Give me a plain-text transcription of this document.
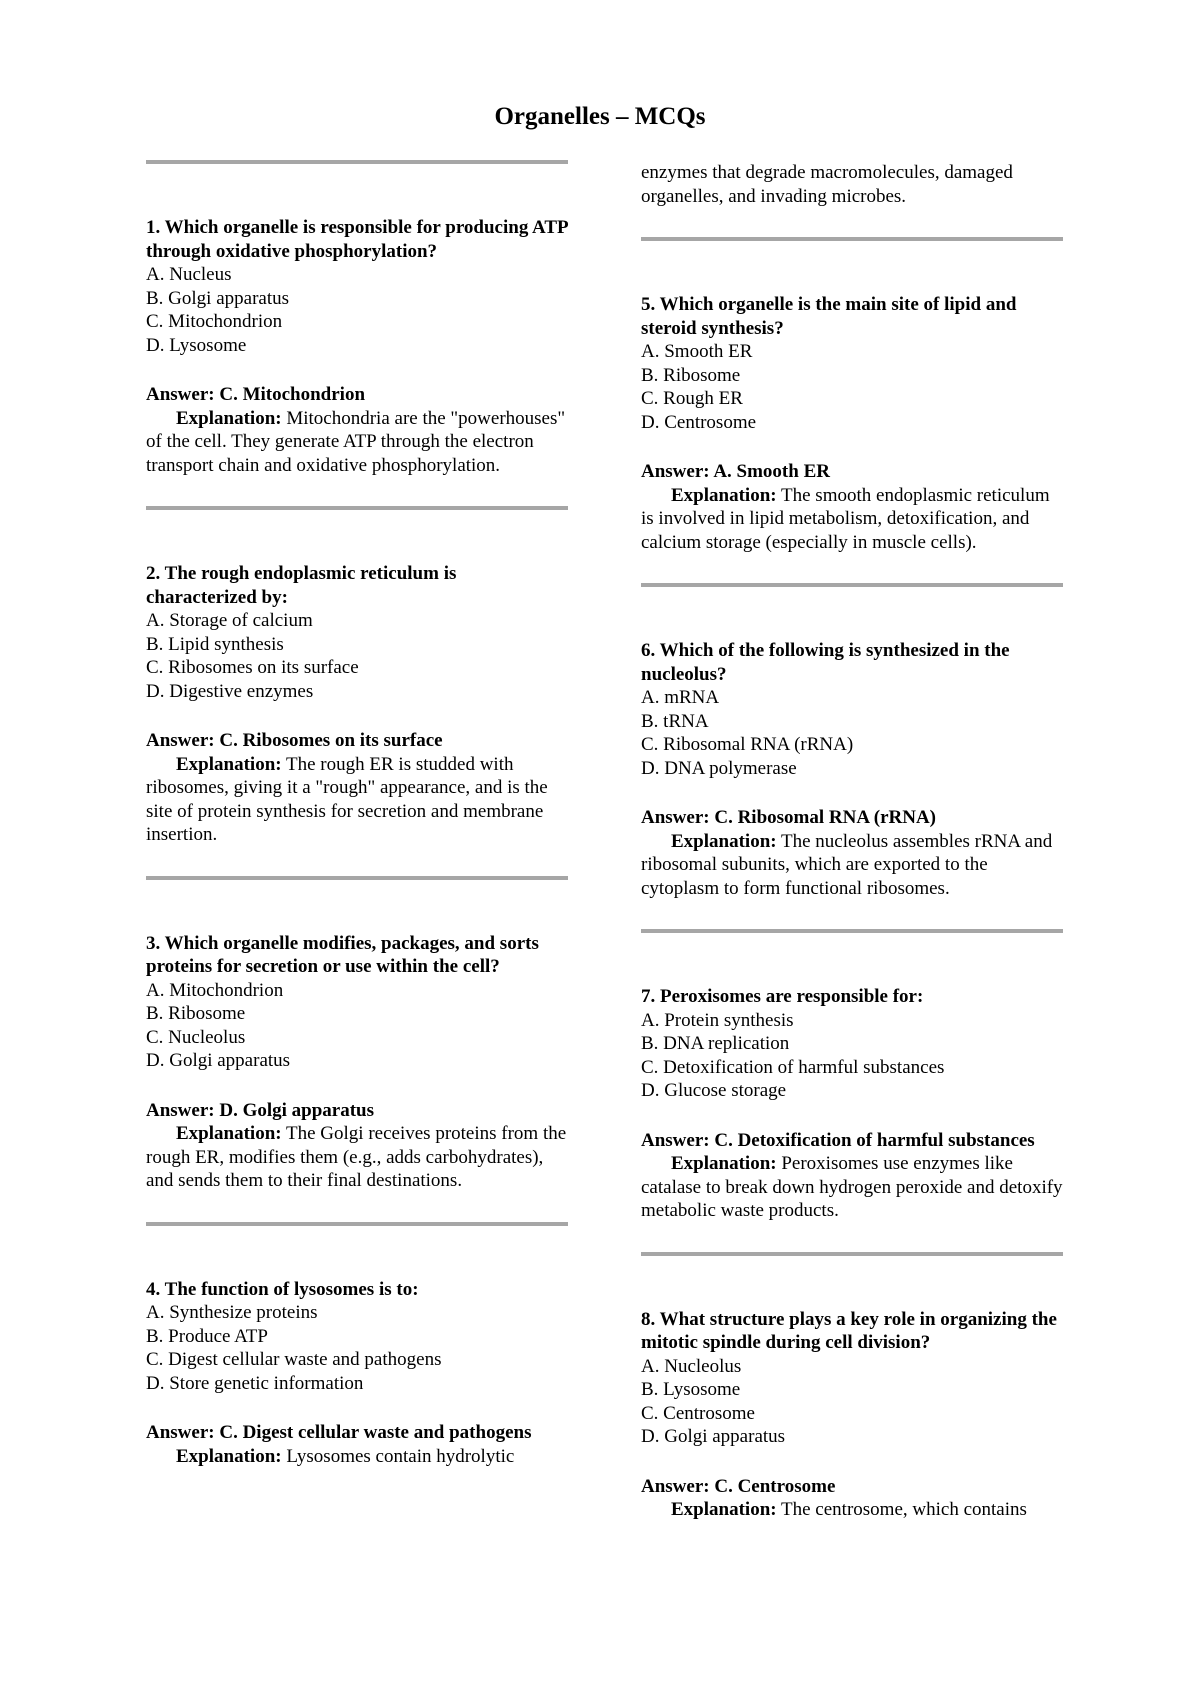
Organelles – MCQs
1. Which organelle is responsible for producing ATP through oxidative phosphorylation?
A. Nucleus
B. Golgi apparatus
C. Mitochondrion
D. Lysosome
Answer: C. Mitochondrion
Explanation: Mitochondria are the "powerhouses" of the cell. They generate ATP through the electron transport chain and oxidative phosphorylation.
2. The rough endoplasmic reticulum is characterized by:
A. Storage of calcium
B. Lipid synthesis
C. Ribosomes on its surface
D. Digestive enzymes
Answer: C. Ribosomes on its surface
Explanation: The rough ER is studded with ribosomes, giving it a "rough" appearance, and is the site of protein synthesis for secretion and membrane insertion.
3. Which organelle modifies, packages, and sorts proteins for secretion or use within the cell?
A. Mitochondrion
B. Ribosome
C. Nucleolus
D. Golgi apparatus
Answer: D. Golgi apparatus
Explanation: The Golgi receives proteins from the rough ER, modifies them (e.g., adds carbohydrates), and sends them to their final destinations.
4. The function of lysosomes is to:
A. Synthesize proteins
B. Produce ATP
C. Digest cellular waste and pathogens
D. Store genetic information
Answer: C. Digest cellular waste and pathogens
Explanation: Lysosomes contain hydrolytic
enzymes that degrade macromolecules, damaged organelles, and invading microbes.
5. Which organelle is the main site of lipid and steroid synthesis?
A. Smooth ER
B. Ribosome
C. Rough ER
D. Centrosome
Answer: A. Smooth ER
Explanation: The smooth endoplasmic reticulum is involved in lipid metabolism, detoxification, and calcium storage (especially in muscle cells).
6. Which of the following is synthesized in the nucleolus?
A. mRNA
B. tRNA
C. Ribosomal RNA (rRNA)
D. DNA polymerase
Answer: C. Ribosomal RNA (rRNA)
Explanation: The nucleolus assembles rRNA and ribosomal subunits, which are exported to the cytoplasm to form functional ribosomes.
7. Peroxisomes are responsible for:
A. Protein synthesis
B. DNA replication
C. Detoxification of harmful substances
D. Glucose storage
Answer: C. Detoxification of harmful substances
Explanation: Peroxisomes use enzymes like catalase to break down hydrogen peroxide and detoxify metabolic waste products.
8. What structure plays a key role in organizing the mitotic spindle during cell division?
A. Nucleolus
B. Lysosome
C. Centrosome
D. Golgi apparatus
Answer: C. Centrosome
Explanation: The centrosome, which contains
